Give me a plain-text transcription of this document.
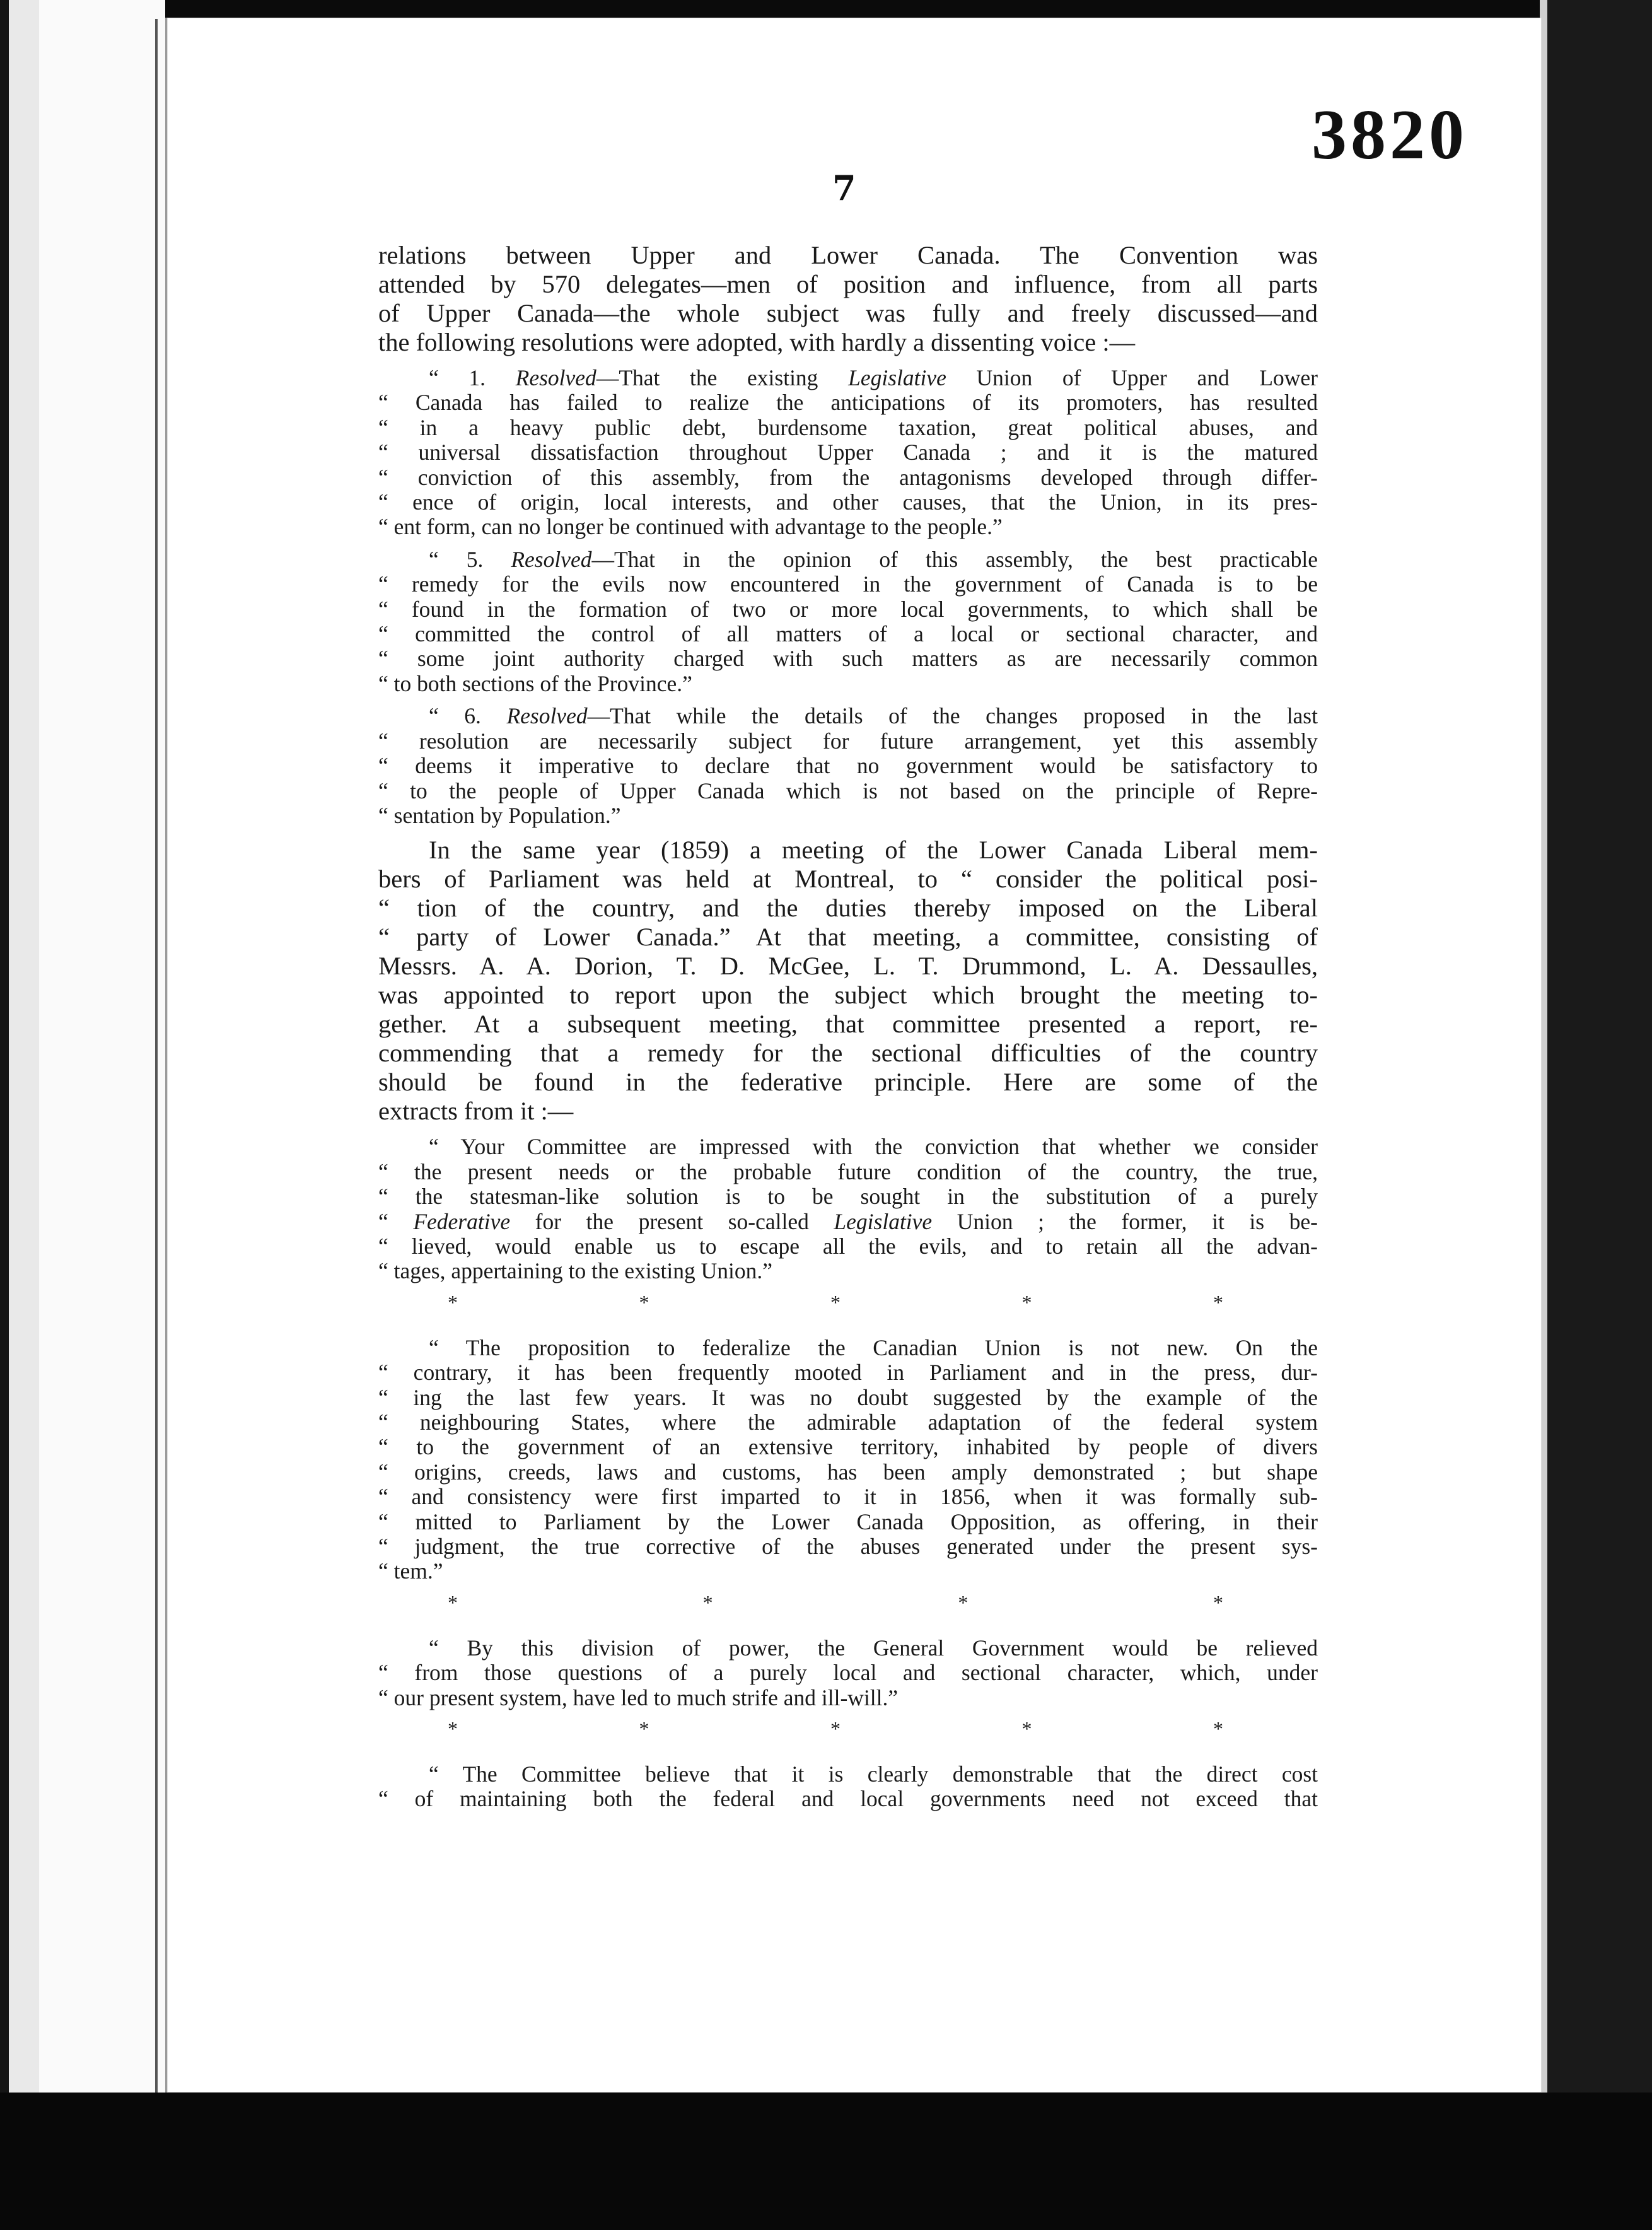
3820
7
relations between Upper and Lower Canada. The Convention was
attended by 570 delegates—men of position and influence, from all parts
of Upper Canada—the whole subject was fully and freely discussed—and
the following resolutions were adopted, with hardly a dissenting voice :—
“ 1. Resolved—That the existing Legislative Union of Upper and Lower
“ Canada has failed to realize the anticipations of its promoters, has resulted
“ in a heavy public debt, burdensome taxation, great political abuses, and
“ universal dissatisfaction throughout Upper Canada ; and it is the matured
“ conviction of this assembly, from the antagonisms developed through differ-
“ ence of origin, local interests, and other causes, that the Union, in its pres-
“ ent form, can no longer be continued with advantage to the people.”
“ 5. Resolved—That in the opinion of this assembly, the best practicable
“ remedy for the evils now encountered in the government of Canada is to be
“ found in the formation of two or more local governments, to which shall be
“ committed the control of all matters of a local or sectional character, and
“ some joint authority charged with such matters as are necessarily common
“ to both sections of the Province.”
“ 6. Resolved—That while the details of the changes proposed in the last
“ resolution are necessarily subject for future arrangement, yet this assembly
“ deems it imperative to declare that no government would be satisfactory to
“ to the people of Upper Canada which is not based on the principle of Repre-
“ sentation by Population.”
In the same year (1859) a meeting of the Lower Canada Liberal mem-
bers of Parliament was held at Montreal, to “ consider the political posi-
“ tion of the country, and the duties thereby imposed on the Liberal
“ party of Lower Canada.” At that meeting, a committee, consisting of
Messrs. A. A. Dorion, T. D. McGee, L. T. Drummond, L. A. Dessaulles,
was appointed to report upon the subject which brought the meeting to-
gether. At a subsequent meeting, that committee presented a report, re-
commending that a remedy for the sectional difficulties of the country
should be found in the federative principle. Here are some of the
extracts from it :—
“ Your Committee are impressed with the conviction that whether we consider
“ the present needs or the probable future condition of the country, the true,
“ the statesman-like solution is to be sought in the substitution of a purely
“ Federative for the present so-called Legislative Union ; the former, it is be-
“ lieved, would enable us to escape all the evils, and to retain all the advan-
“ tages, appertaining to the existing Union.”
*	*	*	*	*
“ The proposition to federalize the Canadian Union is not new. On the
“ contrary, it has been frequently mooted in Parliament and in the press, dur-
“ ing the last few years. It was no doubt suggested by the example of the
“ neighbouring States, where the admirable adaptation of the federal system
“ to the government of an extensive territory, inhabited by people of divers
“ origins, creeds, laws and customs, has been amply demonstrated ; but shape
“ and consistency were first imparted to it in 1856, when it was formally sub-
“ mitted to Parliament by the Lower Canada Opposition, as offering, in their
“ judgment, the true corrective of the abuses generated under the present sys-
“ tem.”
*	*	*	*
“ By this division of power, the General Government would be relieved
“ from those questions of a purely local and sectional character, which, under
“ our present system, have led to much strife and ill-will.”
*	*	*	*	*
“ The Committee believe that it is clearly demonstrable that the direct cost
“ of maintaining both the federal and local governments need not exceed that
